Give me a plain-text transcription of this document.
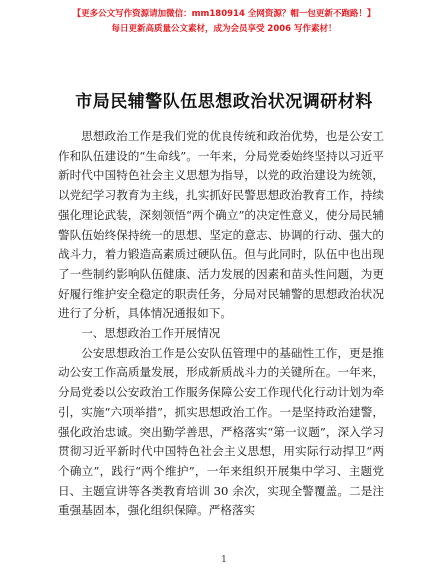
【更多公文写作资源请加微信：mm180914 全网资源？帽一包更新不跑路！】
每日更新高质量公文素材，成为会员享受 2006 写作素材！
市局民辅警队伍思想政治状况调研材料

思想政治工作是我们党的优良传统和政治优势，也是公安工作和队伍建设的“生命线”。一年来，分局党委始终坚持以习近平新时代中国特色社会主义思想为指导，以党的政治建设为统领，以党纪学习教育为主线，扎实抓好民警思想政治教育工作，持续强化理论武装，深刻领悟“两个确立”的决定性意义，使分局民辅警队伍始终保持统一的思想、坚定的意志、协调的行动、强大的战斗力，着力锻造高素质过硬队伍。但与此同时，队伍中也出现了一些制约影响队伍健康、活力发展的因素和苗头性问题，为更好履行维护安全稳定的职责任务，分局对民辅警的思想政治状况进行了分析，具体情况通报如下。

一、思想政治工作开展情况

公安思想政治工作是公安队伍管理中的基础性工作，更是推动公安工作高质量发展，形成新质战斗力的关键所在。一年来，分局党委以公安政治工作服务保障公安工作现代化行动计划为牵引，实施“六项举措”，抓实思想政治工作。一是坚持政治建警，强化政治忠诚。突出勤学善思，严格落实“第一议题”，深入学习贯彻习近平新时代中国特色社会主义思想，用实际行动捍卫“两个确立”，践行“两个维护”，一年来组织开展集中学习、主题党日、主题宣讲等各类教育培训 30 余次，实现全警覆盖。二是注重强基固本，强化组织保障。严格落实

1
